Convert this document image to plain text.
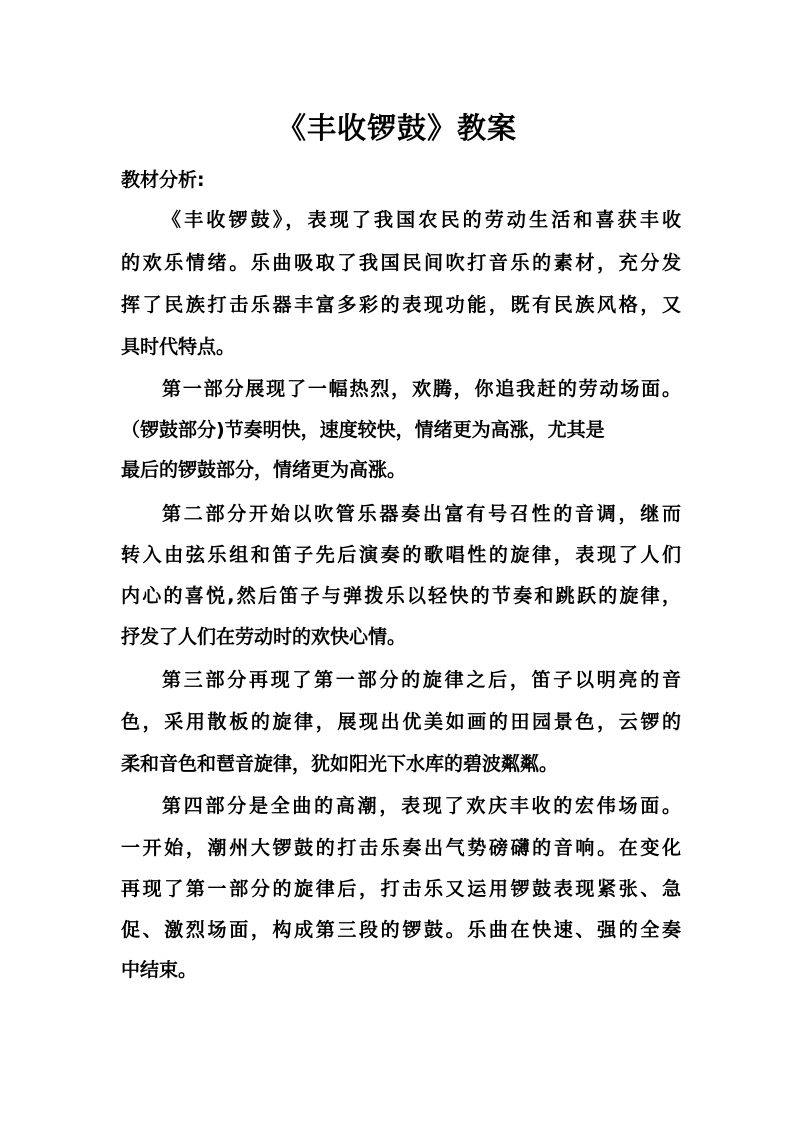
《丰收锣鼓》教案
教材分析:
《丰收锣鼓》，表现了我国农民的劳动生活和喜获丰收
的欢乐情绪。乐曲吸取了我国民间吹打音乐的素材，充分发
挥了民族打击乐器丰富多彩的表现功能，既有民族风格，又
具时代特点。
第一部分展现了一幅热烈，欢腾，你追我赶的劳动场面。
（锣鼓部分)节奏明快，速度较快，情绪更为高涨，尤其是
最后的锣鼓部分，情绪更为高涨。
第二部分开始以吹管乐器奏出富有号召性的音调，继而
转入由弦乐组和笛子先后演奏的歌唱性的旋律，表现了人们
内心的喜悦,然后笛子与弹拨乐以轻快的节奏和跳跃的旋律，
抒发了人们在劳动时的欢快心情。
第三部分再现了第一部分的旋律之后，笛子以明亮的音
色，采用散板的旋律，展现出优美如画的田园景色，云锣的
柔和音色和琶音旋律，犹如阳光下水库的碧波粼粼。
第四部分是全曲的高潮，表现了欢庆丰收的宏伟场面。
一开始，潮州大锣鼓的打击乐奏出气势磅礴的音响。在变化
再现了第一部分的旋律后，打击乐又运用锣鼓表现紧张、急
促、激烈场面，构成第三段的锣鼓。乐曲在快速、强的全奏
中结束。
